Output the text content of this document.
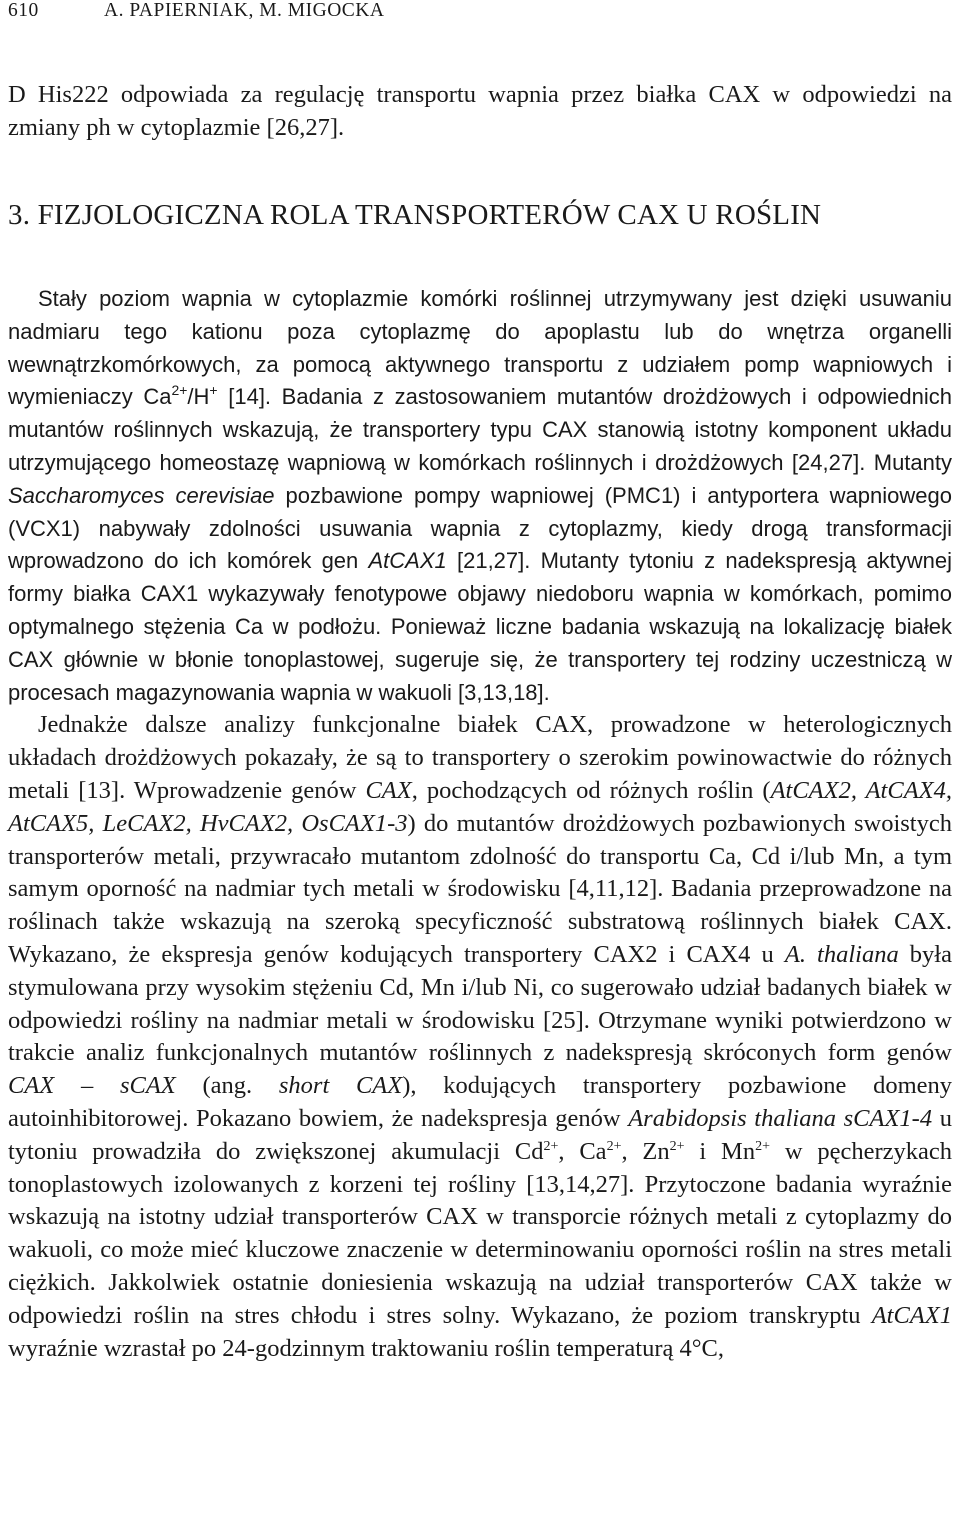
610	A. PAPIERNIAK, M. MIGOCKA
D His222 odpowiada za regulację transportu wapnia przez białka CAX w odpowiedzi na zmiany ph w cytoplazmie [26,27].
3. FIZJOLOGICZNA ROLA TRANSPORTERÓW CAX U ROŚLIN

Stały poziom wapnia w cytoplazmie komórki roślinnej utrzymywany jest dzięki usuwaniu nadmiaru tego kationu poza cytoplazmę do apoplastu lub do wnętrza organelli wewnątrzkomórkowych, za pomocą aktywnego transportu z udziałem pomp wapniowych i wymieniaczy $Ca^{2+}/H^+$ [14]. Badania z zastosowaniem mutantów drożdżowych i odpowiednich mutantów roślinnych wskazują, że transportery typu CAX stanowią istotny komponent układu utrzymującego homeostazę wapniową w komórkach roślinnych i drożdżowych [24,27]. Mutanty Saccharomyces cerevisiae pozbawione pompy wapniowej (PMC1) i antyportera wapniowego (VCX1) nabywały zdolności usuwania wapnia z cytoplazmy, kiedy drogą transformacji wprowadzono do ich komórek gen AtCAX1 [21,27]. Mutanty tytoniu z nadekspresją aktywnej formy białka CAX1 wykazywały fenotypowe objawy niedoboru wapnia w komórkach, pomimo optymalnego stężenia Ca w podłożu. Ponieważ liczne badania wskazują na lokalizację białek CAX głównie w błonie tonoplastowej, sugeruje się, że transportery tej rodziny uczestniczą w procesach magazynowania wapnia w wakuoli [3,13,18].

Jednakże dalsze analizy funkcjonalne białek CAX, prowadzone w heterologicznych układach drożdżowych pokazały, że są to transportery o szerokim powinowactwie do różnych metali [13]. Wprowadzenie genów CAX, pochodzących od różnych roślin (AtCAX2, AtCAX4, AtCAX5, LeCAX2, HvCAX2, OsCAX1-3) do mutantów drożdżowych pozbawionych swoistych transporterów metali, przywracało mutantom zdolność do transportu Ca, Cd i/lub Mn, a tym samym oporność na nadmiar tych metali w środowisku [4,11,12]. Badania przeprowadzone na roślinach także wskazują na szeroką specyficzność substratową roślinnych białek CAX. Wykazano, że ekspresja genów kodujących transportery CAX2 i CAX4 u A. thaliana była stymulowana przy wysokim stężeniu Cd, Mn i/lub Ni, co sugerowało udział badanych białek w odpowiedzi rośliny na nadmiar metali w środowisku [25]. Otrzymane wyniki potwierdzono w trakcie analiz funkcjonalnych mutantów roślinnych z nadekspresją skróconych form genów CAX – sCAX (ang. short CAX), kodujących transportery pozbawione domeny autoinhibitorowej. Pokazano bowiem, że nadekspresja genów Arabidopsis thaliana sCAX1-4 u tytoniu prowadziła do zwiększonej akumulacji $Cd^{2+}$, $Ca^{2+}$, $Zn^{2+}$ i $Mn^{2+}$ w pęcherzykach tonoplastowych izolowanych z korzeni tej rośliny [13,14,27]. Przytoczone badania wyraźnie wskazują na istotny udział transporterów CAX w transporcie różnych metali z cytoplazmy do wakuoli, co może mieć kluczowe znaczenie w determinowaniu oporności roślin na stres metali ciężkich. Jakkolwiek ostatnie doniesienia wskazują na udział transporterów CAX także w odpowiedzi roślin na stres chłodu i stres solny. Wykazano, że poziom transkryptu AtCAX1 wyraźnie wzrastał po 24-godzinnym traktowaniu roślin temperaturą 4°C,
